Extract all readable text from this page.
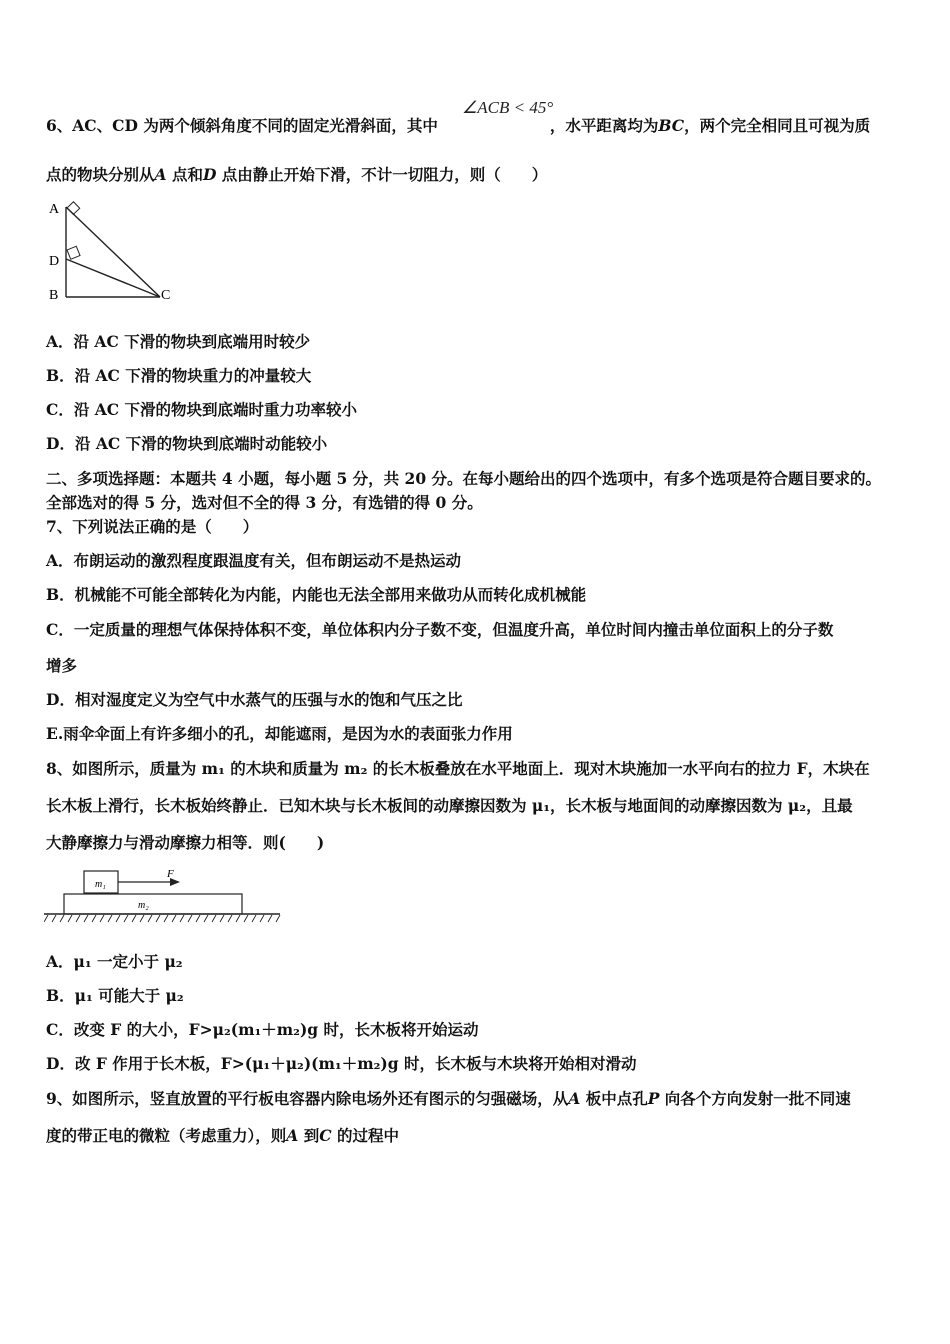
6、AC、CD 为两个倾斜角度不同的固定光滑斜面，其中	，水平距离均为BC，两个完全相同且可视为质
∠ACB < 45°
点的物块分别从A 点和D 点由静止开始下滑，不计一切阻力，则（　　）
A
D
B	C
A．沿 AC 下滑的物块到底端用时较少
B．沿 AC 下滑的物块重力的冲量较大
C．沿 AC 下滑的物块到底端时重力功率较小
D．沿 AC 下滑的物块到底端时动能较小
二、多项选择题：本题共 4 小题，每小题 5 分，共 20 分。在每小题给出的四个选项中，有多个选项是符合题目要求的。
全部选对的得 5 分，选对但不全的得 3 分，有选错的得 0 分。
7、下列说法正确的是（　　）
A．布朗运动的激烈程度跟温度有关，但布朗运动不是热运动
B．机械能不可能全部转化为内能，内能也无法全部用来做功从而转化成机械能
C．一定质量的理想气体保持体积不变，单位体积内分子数不变，但温度升高，单位时间内撞击单位面积上的分子数
增多
D．相对湿度定义为空气中水蒸气的压强与水的饱和气压之比
E.雨伞伞面上有许多细小的孔，却能遮雨，是因为水的表面张力作用
8、如图所示，质量为 m₁ 的木块和质量为 m₂ 的长木板叠放在水平地面上．现对木块施加一水平向右的拉力 F，木块在
长木板上滑行，长木板始终静止．已知木块与长木板间的动摩擦因数为 μ₁，长木板与地面间的动摩擦因数为 μ₂，且最
大静摩擦力与滑动摩擦力相等．则(　　)
m₁
F
m₂
A．μ₁ 一定小于 μ₂
B．μ₁ 可能大于 μ₂
C．改变 F 的大小，F>μ₂(m₁＋m₂)g 时，长木板将开始运动
D．改 F 作用于长木板，F>(μ₁＋μ₂)(m₁＋m₂)g 时，长木板与木块将开始相对滑动
9、如图所示，竖直放置的平行板电容器内除电场外还有图示的匀强磁场，从A 板中点孔P 向各个方向发射一批不同速
度的带正电的微粒（考虑重力），则A 到C 的过程中
